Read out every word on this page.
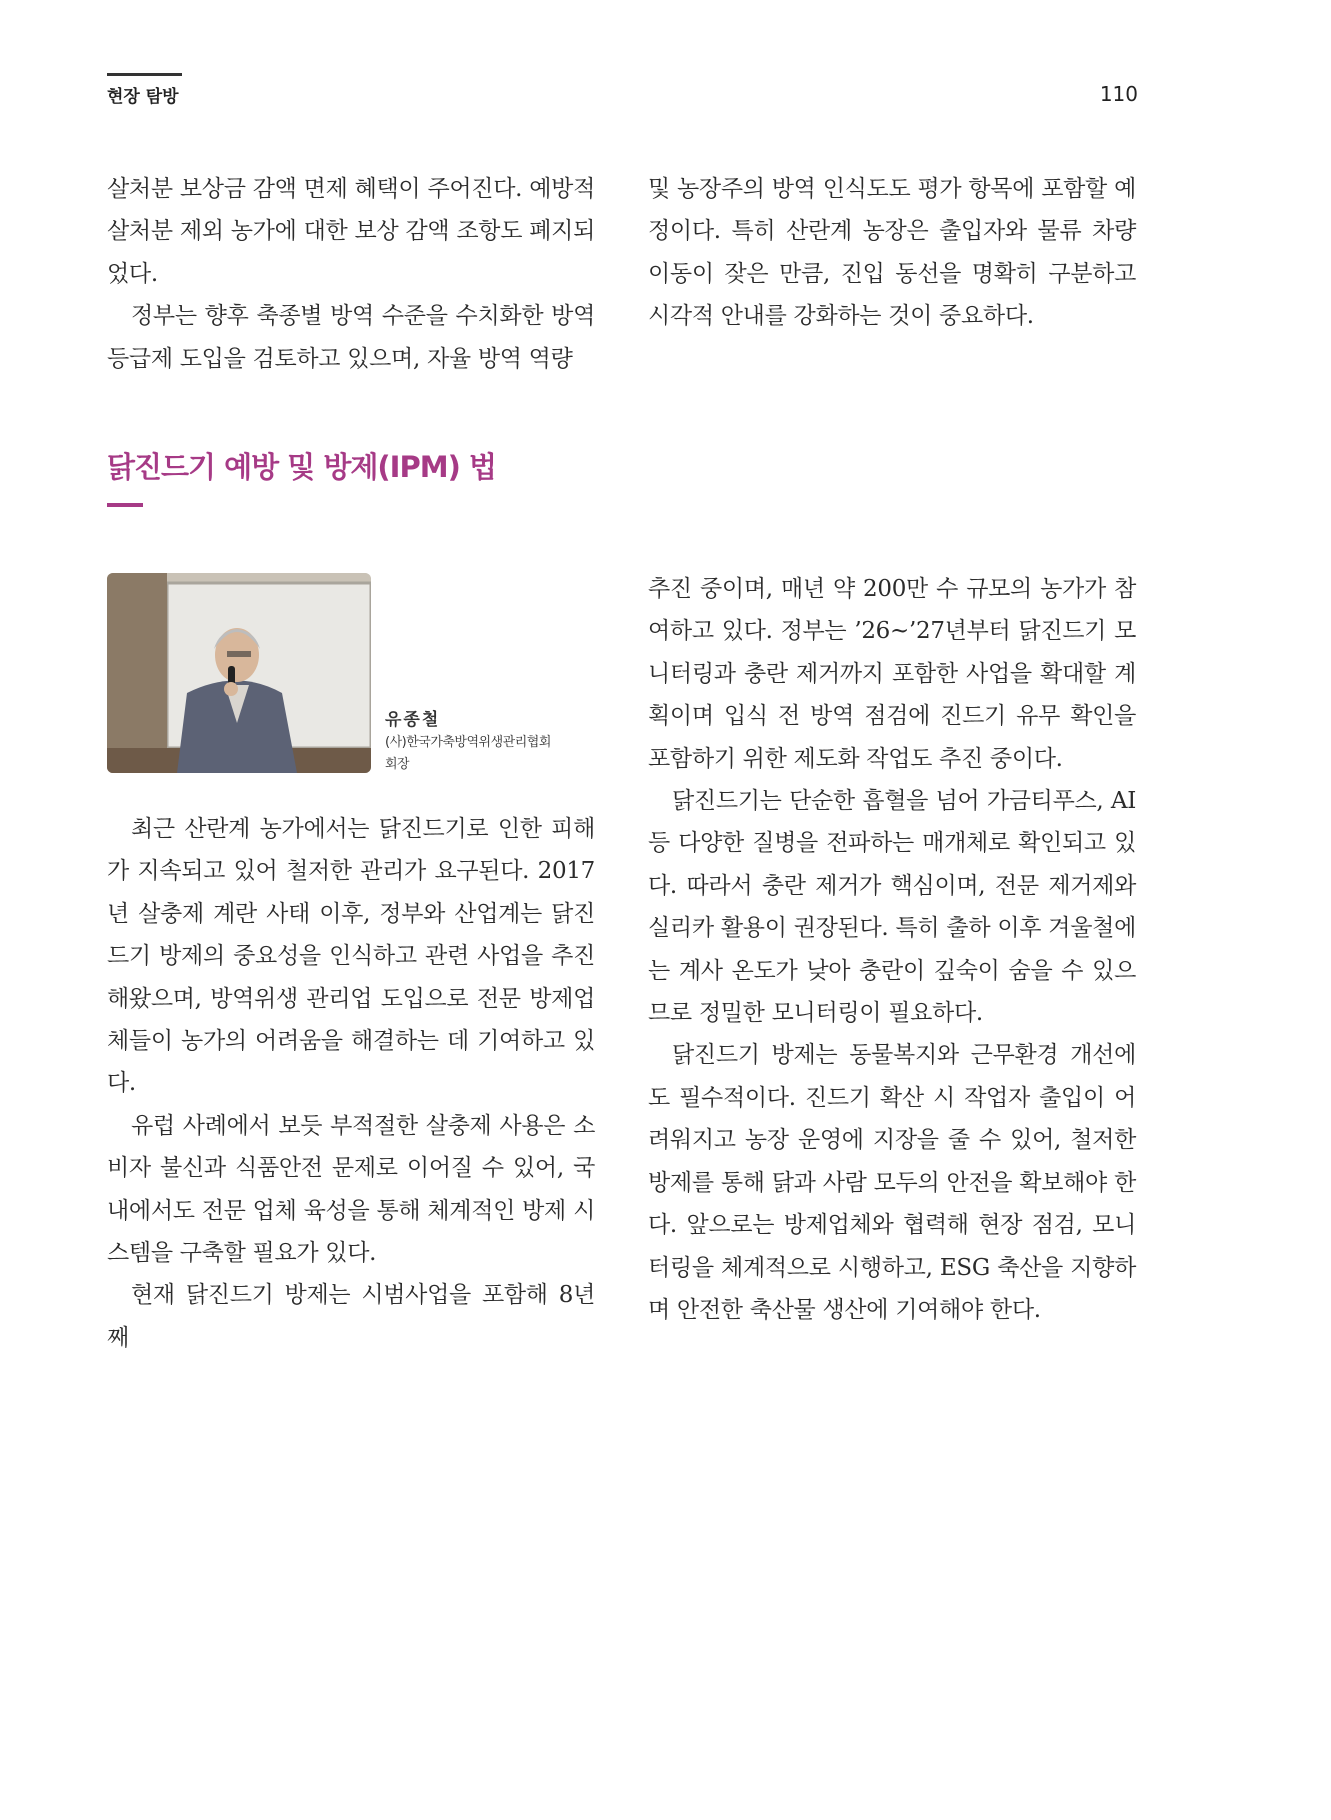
현장 탐방	110

살처분 보상금 감액 면제 혜택이 주어진다. 예방적 살처분 제외 농가에 대한 보상 감액 조항도 폐지되었다.

정부는 향후 축종별 방역 수준을 수치화한 방역 등급제 도입을 검토하고 있으며, 자율 방역 역량

및 농장주의 방역 인식도도 평가 항목에 포함할 예정이다. 특히 산란계 농장은 출입자와 물류 차량 이동이 잦은 만큼, 진입 동선을 명확히 구분하고 시각적 안내를 강화하는 것이 중요하다.

닭진드기 예방 및 방제(IPM) 법
유종철
(사)한국가축방역위생관리협회
회장

최근 산란계 농가에서는 닭진드기로 인한 피해가 지속되고 있어 철저한 관리가 요구된다. 2017년 살충제 계란 사태 이후, 정부와 산업계는 닭진드기 방제의 중요성을 인식하고 관련 사업을 추진해왔으며, 방역위생 관리업 도입으로 전문 방제업체들이 농가의 어려움을 해결하는 데 기여하고 있다.

유럽 사례에서 보듯 부적절한 살충제 사용은 소비자 불신과 식품안전 문제로 이어질 수 있어, 국내에서도 전문 업체 육성을 통해 체계적인 방제 시스템을 구축할 필요가 있다.

현재 닭진드기 방제는 시범사업을 포함해 8년째

추진 중이며, 매년 약 200만 수 규모의 농가가 참여하고 있다. 정부는 ’26~’27년부터 닭진드기 모니터링과 충란 제거까지 포함한 사업을 확대할 계획이며 입식 전 방역 점검에 진드기 유무 확인을 포함하기 위한 제도화 작업도 추진 중이다.

닭진드기는 단순한 흡혈을 넘어 가금티푸스, AI 등 다양한 질병을 전파하는 매개체로 확인되고 있다. 따라서 충란 제거가 핵심이며, 전문 제거제와 실리카 활용이 권장된다. 특히 출하 이후 겨울철에는 계사 온도가 낮아 충란이 깊숙이 숨을 수 있으므로 정밀한 모니터링이 필요하다.

닭진드기 방제는 동물복지와 근무환경 개선에도 필수적이다. 진드기 확산 시 작업자 출입이 어려워지고 농장 운영에 지장을 줄 수 있어, 철저한 방제를 통해 닭과 사람 모두의 안전을 확보해야 한다. 앞으로는 방제업체와 협력해 현장 점검, 모니터링을 체계적으로 시행하고, ESG 축산을 지향하며 안전한 축산물 생산에 기여해야 한다.
